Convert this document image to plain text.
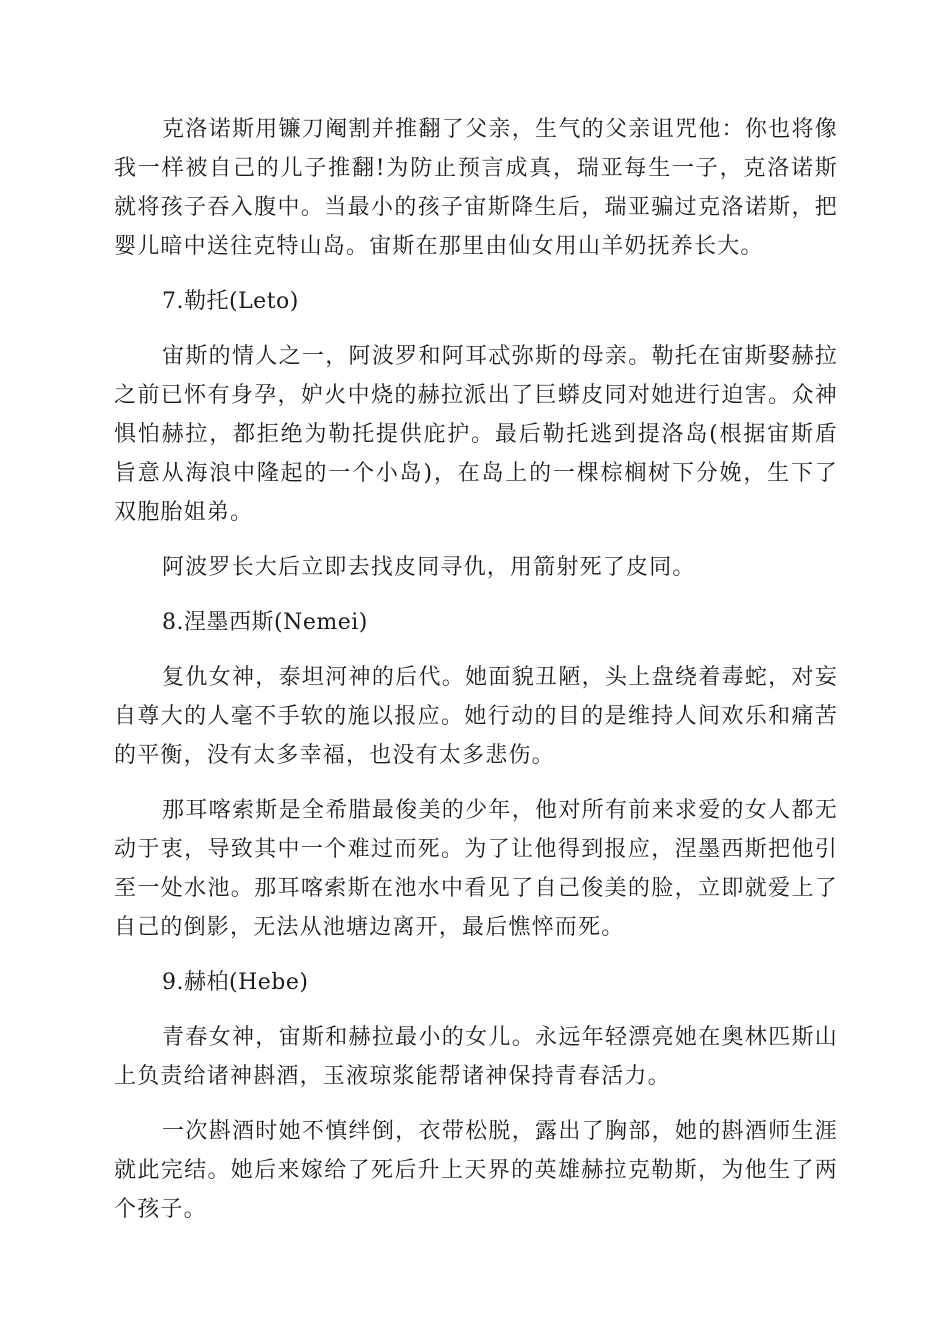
克洛诺斯用镰刀阉割并推翻了父亲，生气的父亲诅咒他：你也将像我一样被自己的儿子推翻!为防止预言成真，瑞亚每生一子，克洛诺斯就将孩子吞入腹中。当最小的孩子宙斯降生后，瑞亚骗过克洛诺斯，把婴儿暗中送往克特山岛。宙斯在那里由仙女用山羊奶抚养长大。

7.勒托(Leto)

宙斯的情人之一，阿波罗和阿耳忒弥斯的母亲。勒托在宙斯娶赫拉之前已怀有身孕，妒火中烧的赫拉派出了巨蟒皮同对她进行迫害。众神惧怕赫拉，都拒绝为勒托提供庇护。最后勒托逃到提洛岛(根据宙斯盾旨意从海浪中隆起的一个小岛)，在岛上的一棵棕榈树下分娩，生下了双胞胎姐弟。

阿波罗长大后立即去找皮同寻仇，用箭射死了皮同。

8.涅墨西斯(Nemei)

复仇女神，泰坦河神的后代。她面貌丑陋，头上盘绕着毒蛇，对妄自尊大的人毫不手软的施以报应。她行动的目的是维持人间欢乐和痛苦的平衡，没有太多幸福，也没有太多悲伤。

那耳喀索斯是全希腊最俊美的少年，他对所有前来求爱的女人都无动于衷，导致其中一个难过而死。为了让他得到报应，涅墨西斯把他引至一处水池。那耳喀索斯在池水中看见了自己俊美的脸，立即就爱上了自己的倒影，无法从池塘边离开，最后憔悴而死。

9.赫柏(Hebe)

青春女神，宙斯和赫拉最小的女儿。永远年轻漂亮她在奥林匹斯山上负责给诸神斟酒，玉液琼浆能帮诸神保持青春活力。

一次斟酒时她不慎绊倒，衣带松脱，露出了胸部，她的斟酒师生涯就此完结。她后来嫁给了死后升上天界的英雄赫拉克勒斯，为他生了两个孩子。
